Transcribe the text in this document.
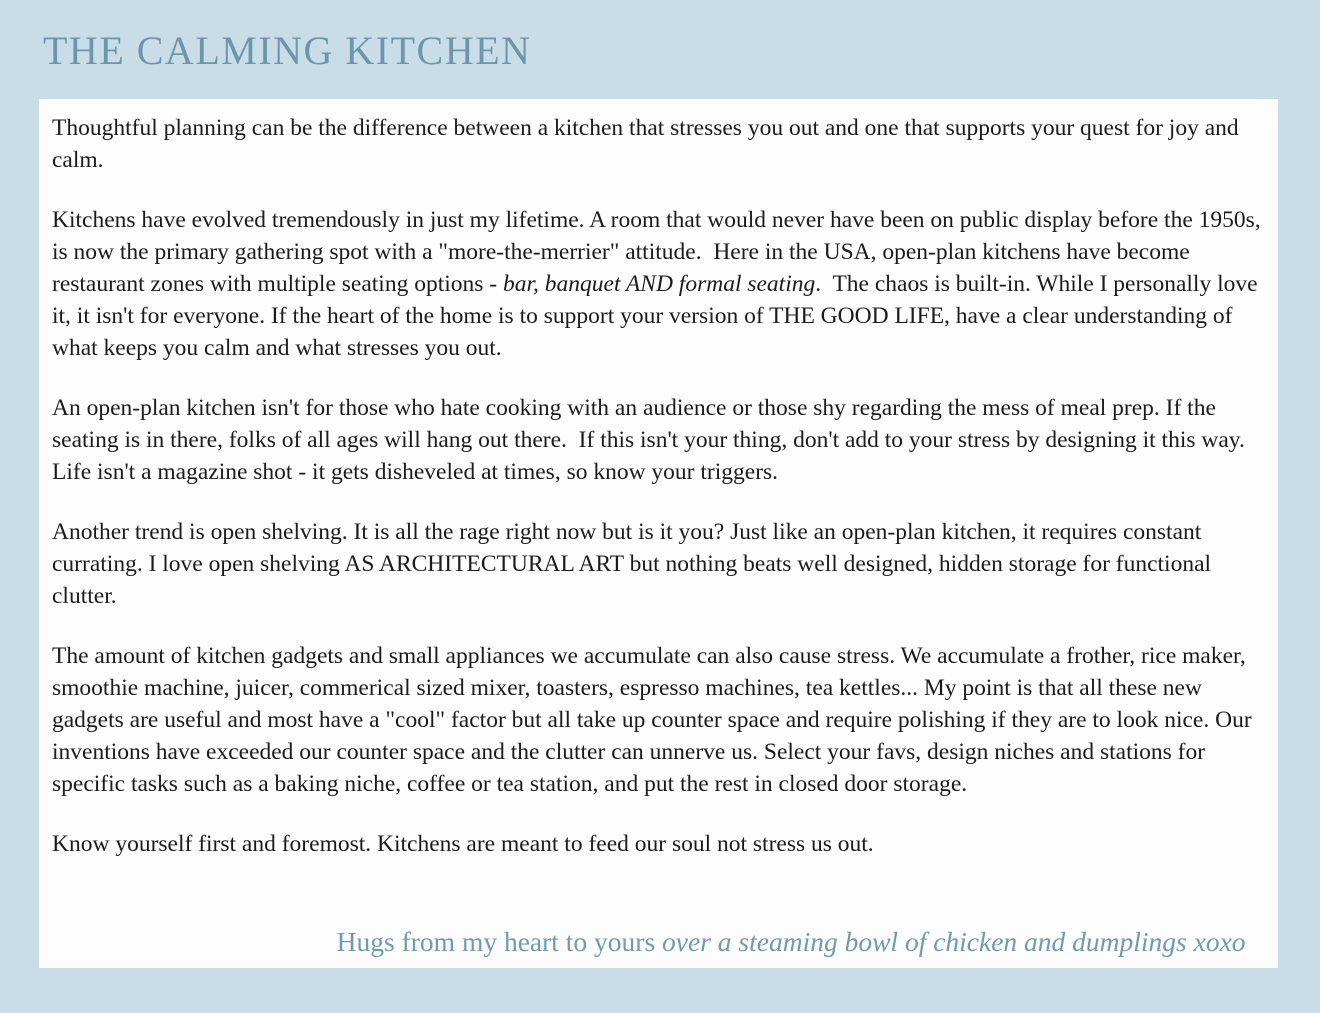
THE CALMING KITCHEN

Thoughtful planning can be the difference between a kitchen that stresses you out and one that supports your quest for joy and calm.

Kitchens have evolved tremendously in just my lifetime. A room that would never have been on public display before the 1950s, is now the primary gathering spot with a "more-the-merrier" attitude.  Here in the USA, open-plan kitchens have become restaurant zones with multiple seating options - bar, banquet AND formal seating.  The chaos is built-in. While I personally love it, it isn't for everyone. If the heart of the home is to support your version of THE GOOD LIFE, have a clear understanding of what keeps you calm and what stresses you out.

An open-plan kitchen isn't for those who hate cooking with an audience or those shy regarding the mess of meal prep. If the seating is in there, folks of all ages will hang out there.  If this isn't your thing, don't add to your stress by designing it this way. Life isn't a magazine shot - it gets disheveled at times, so know your triggers.

Another trend is open shelving. It is all the rage right now but is it you? Just like an open-plan kitchen, it requires constant currating. I love open shelving AS ARCHITECTURAL ART but nothing beats well designed, hidden storage for functional clutter.

The amount of kitchen gadgets and small appliances we accumulate can also cause stress. We accumulate a frother, rice maker, smoothie machine, juicer, commerical sized mixer, toasters, espresso machines, tea kettles... My point is that all these new gadgets are useful and most have a "cool" factor but all take up counter space and require polishing if they are to look nice. Our inventions have exceeded our counter space and the clutter can unnerve us. Select your favs, design niches and stations for specific tasks such as a baking niche, coffee or tea station, and put the rest in closed door storage.

Know yourself first and foremost. Kitchens are meant to feed our soul not stress us out.

Hugs from my heart to yours over a steaming bowl of chicken and dumplings xoxo
